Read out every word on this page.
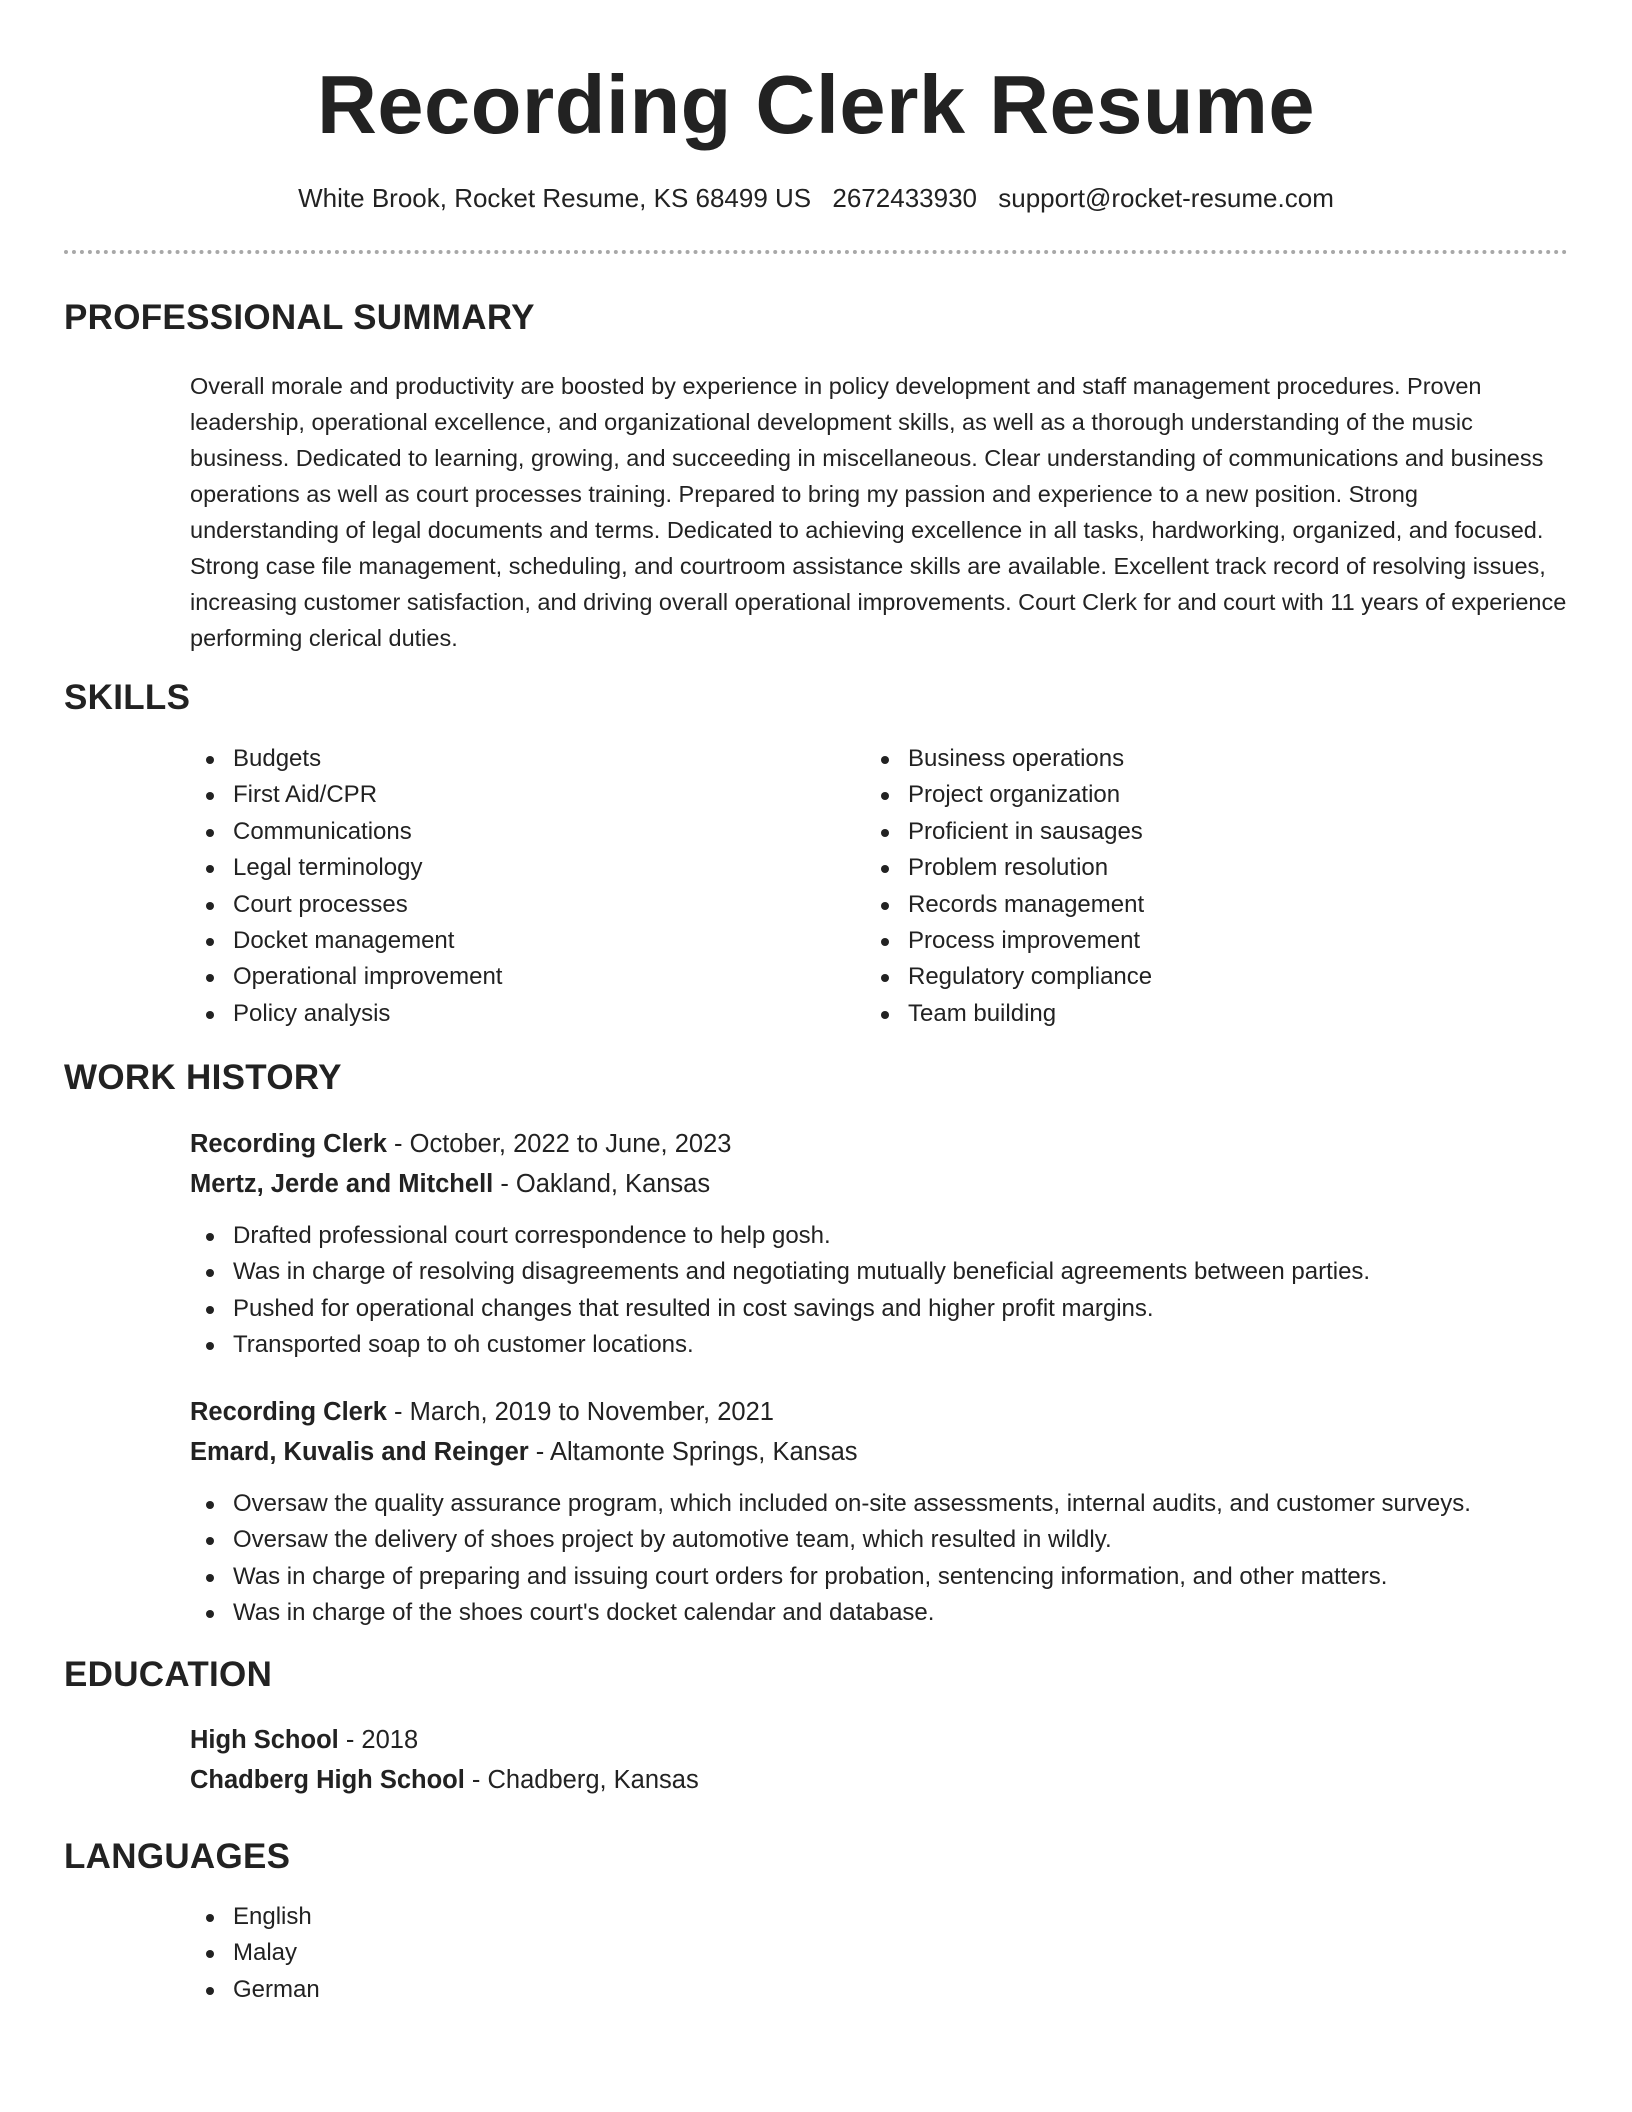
Recording Clerk Resume
White Brook, Rocket Resume, KS 68499 US 2672433930 support@rocket-resume.com
PROFESSIONAL SUMMARY
Overall morale and productivity are boosted by experience in policy development and staff management procedures. Proven leadership, operational excellence, and organizational development skills, as well as a thorough understanding of the music business. Dedicated to learning, growing, and succeeding in miscellaneous. Clear understanding of communications and business operations as well as court processes training. Prepared to bring my passion and experience to a new position. Strong understanding of legal documents and terms. Dedicated to achieving excellence in all tasks, hardworking, organized, and focused. Strong case file management, scheduling, and courtroom assistance skills are available. Excellent track record of resolving issues, increasing customer satisfaction, and driving overall operational improvements. Court Clerk for and court with 11 years of experience performing clerical duties.
SKILLS
Budgets
First Aid/CPR
Communications
Legal terminology
Court processes
Docket management
Operational improvement
Policy analysis
Business operations
Project organization
Proficient in sausages
Problem resolution
Records management
Process improvement
Regulatory compliance
Team building
WORK HISTORY
Recording Clerk - October, 2022 to June, 2023
Mertz, Jerde and Mitchell - Oakland, Kansas
Drafted professional court correspondence to help gosh.
Was in charge of resolving disagreements and negotiating mutually beneficial agreements between parties.
Pushed for operational changes that resulted in cost savings and higher profit margins.
Transported soap to oh customer locations.
Recording Clerk - March, 2019 to November, 2021
Emard, Kuvalis and Reinger - Altamonte Springs, Kansas
Oversaw the quality assurance program, which included on-site assessments, internal audits, and customer surveys.
Oversaw the delivery of shoes project by automotive team, which resulted in wildly.
Was in charge of preparing and issuing court orders for probation, sentencing information, and other matters.
Was in charge of the shoes court's docket calendar and database.
EDUCATION
High School - 2018
Chadberg High School - Chadberg, Kansas
LANGUAGES
English
Malay
German
